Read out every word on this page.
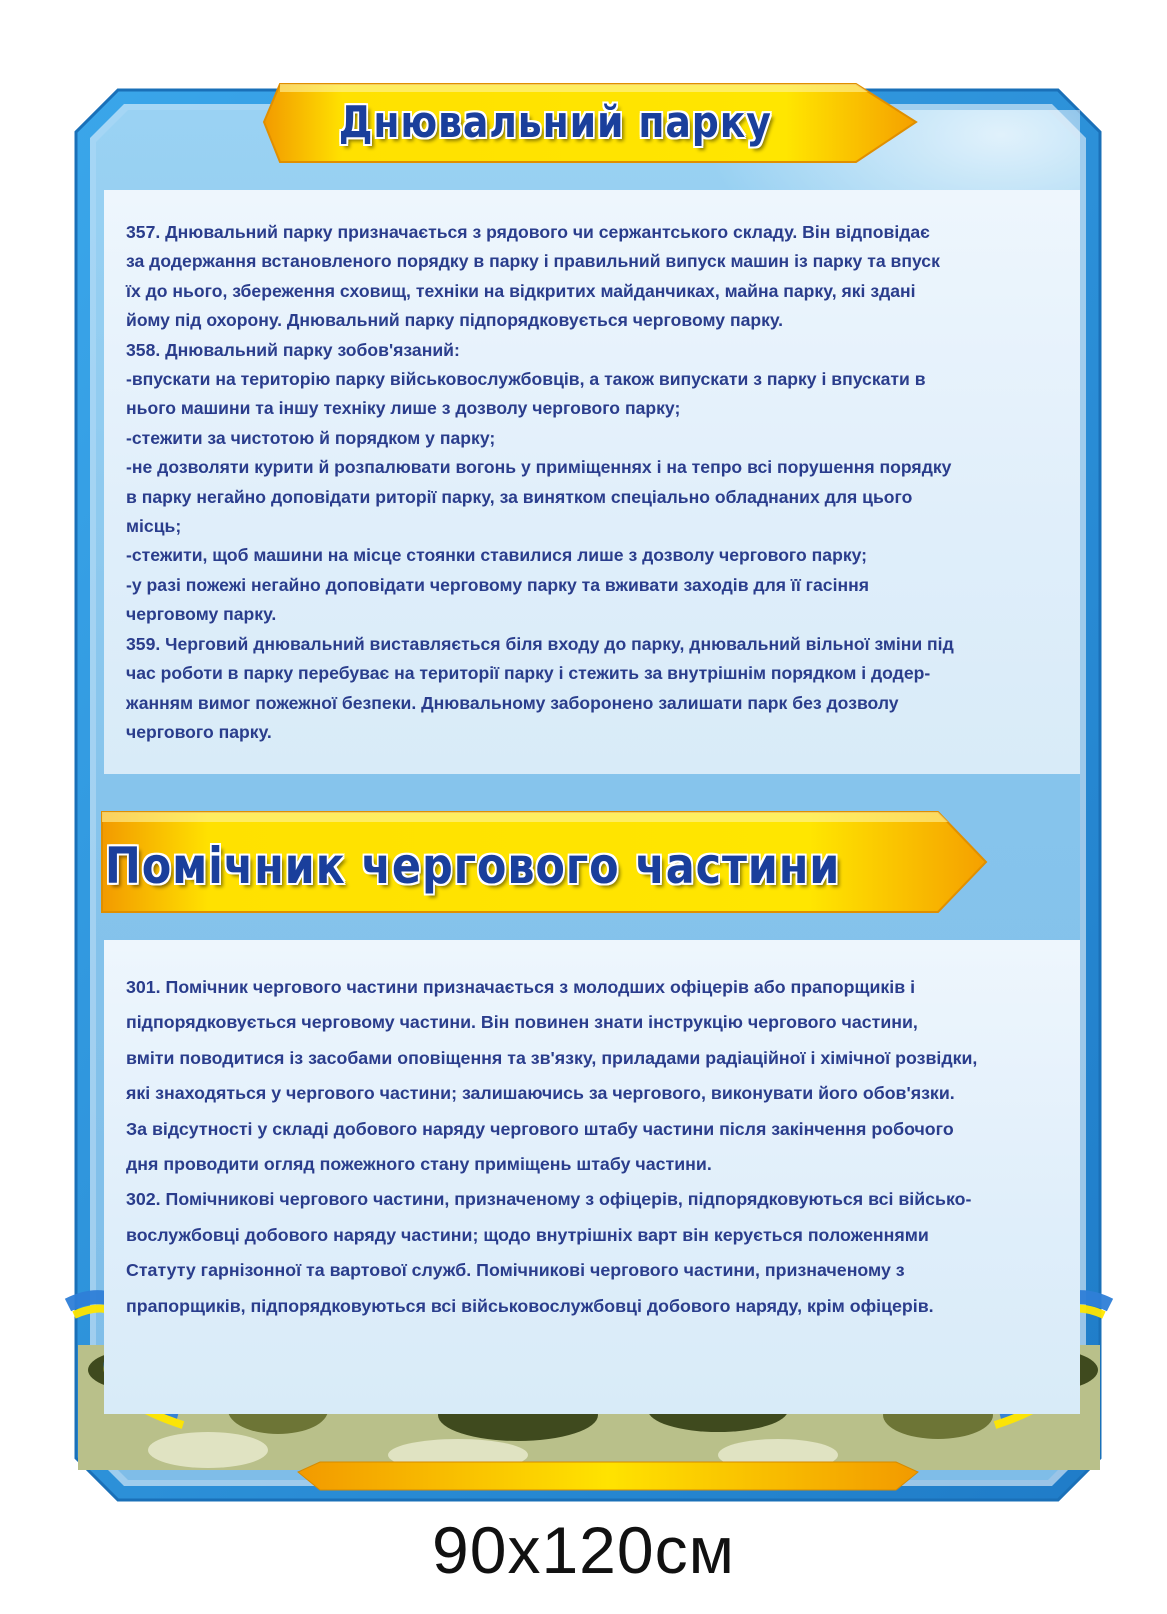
Днювальний парку
357. Днювальний парку призначається з рядового чи сержантського складу. Він відповідає
за додержання встановленого порядку в парку і правильний випуск машин із парку та впуск
їх до нього, збереження сховищ, техніки на відкритих майданчиках, майна парку, які здані
йому під охорону. Днювальний парку підпорядковується черговому парку.
358. Днювальний парку зобов'язаний:
-впускати на територію парку військовослужбовців, а також випускати з парку і впускати в
нього машини та іншу техніку лише з дозволу чергового парку;
-стежити за чистотою й порядком у парку;
-не дозволяти курити й розпалювати вогонь у приміщеннях і на тепро всі порушення порядку
в парку негайно доповідати риторії парку, за винятком спеціально обладнаних для цього
місць;
-стежити, щоб машини на місце стоянки ставилися лише з дозволу чергового парку;
-у разі пожежі негайно доповідати черговому парку та вживати заходів для її гасіння
черговому парку.
359. Черговий днювальний виставляється біля входу до парку, днювальний вільної зміни під
час роботи в парку перебуває на території парку і стежить за внутрішнім порядком і додер-
жанням вимог пожежної безпеки. Днювальному заборонено залишати парк без дозволу
чергового парку.
Помічник чергового частини
301. Помічник чергового частини призначається з молодших офіцерів або прапорщиків і
підпорядковується черговому частини. Він повинен знати інструкцію чергового частини,
вміти поводитися із засобами оповіщення та зв'язку, приладами радіаційної і хімічної розвідки,
які знаходяться у чергового частини; залишаючись за чергового, виконувати його обов'язки.
За відсутності у складі добового наряду чергового штабу частини після закінчення робочого
дня проводити огляд пожежного стану приміщень штабу частини.
302. Помічникові чергового частини, призначеному з офіцерів, підпорядковуються всі військо-
вослужбовці добового наряду частини; щодо внутрішніх варт він керується положеннями
Статуту гарнізонної та вартової служб. Помічникові чергового частини, призначеному з
прапорщиків, підпорядковуються всі військовослужбовці добового наряду, крім офіцерів.
90x120см
